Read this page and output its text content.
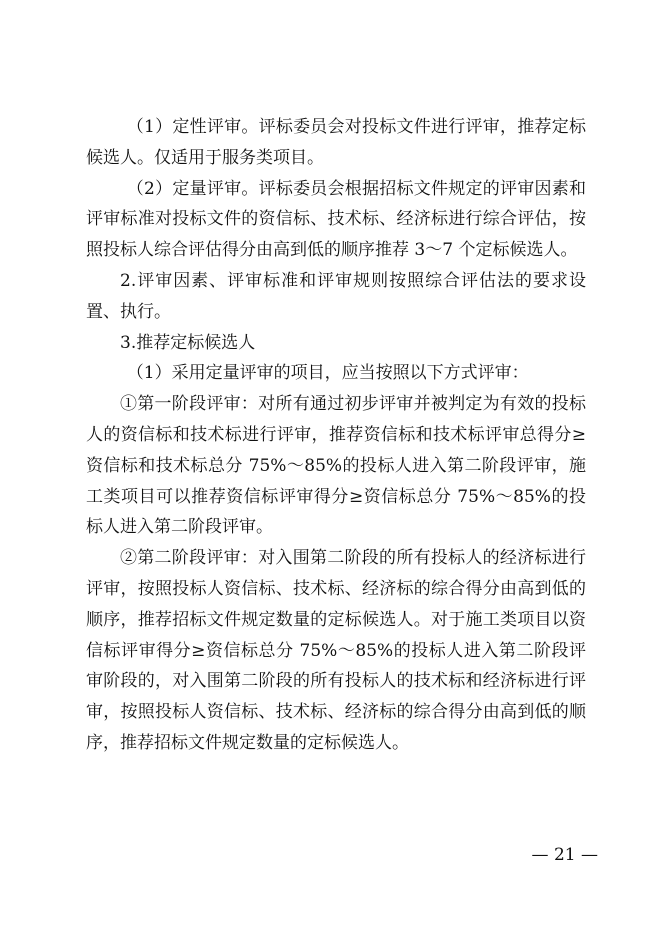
（1）定性评审。评标委员会对投标文件进行评审，推荐定标候选人。仅适用于服务类项目。

（2）定量评审。评标委员会根据招标文件规定的评审因素和评审标准对投标文件的资信标、技术标、经济标进行综合评估，按照投标人综合评估得分由高到低的顺序推荐 3～7 个定标候选人。

2.评审因素、评审标准和评审规则按照综合评估法的要求设置、执行。

3.推荐定标候选人

（1）采用定量评审的项目，应当按照以下方式评审：

①第一阶段评审：对所有通过初步评审并被判定为有效的投标人的资信标和技术标进行评审，推荐资信标和技术标评审总得分≥资信标和技术标总分 75%～85%的投标人进入第二阶段评审，施工类项目可以推荐资信标评审得分≥资信标总分 75%～85%的投标人进入第二阶段评审。

②第二阶段评审：对入围第二阶段的所有投标人的经济标进行评审，按照投标人资信标、技术标、经济标的综合得分由高到低的顺序，推荐招标文件规定数量的定标候选人。对于施工类项目以资信标评审得分≥资信标总分 75%～85%的投标人进入第二阶段评审阶段的，对入围第二阶段的所有投标人的技术标和经济标进行评审，按照投标人资信标、技术标、经济标的综合得分由高到低的顺序，推荐招标文件规定数量的定标候选人。

— 21 —
